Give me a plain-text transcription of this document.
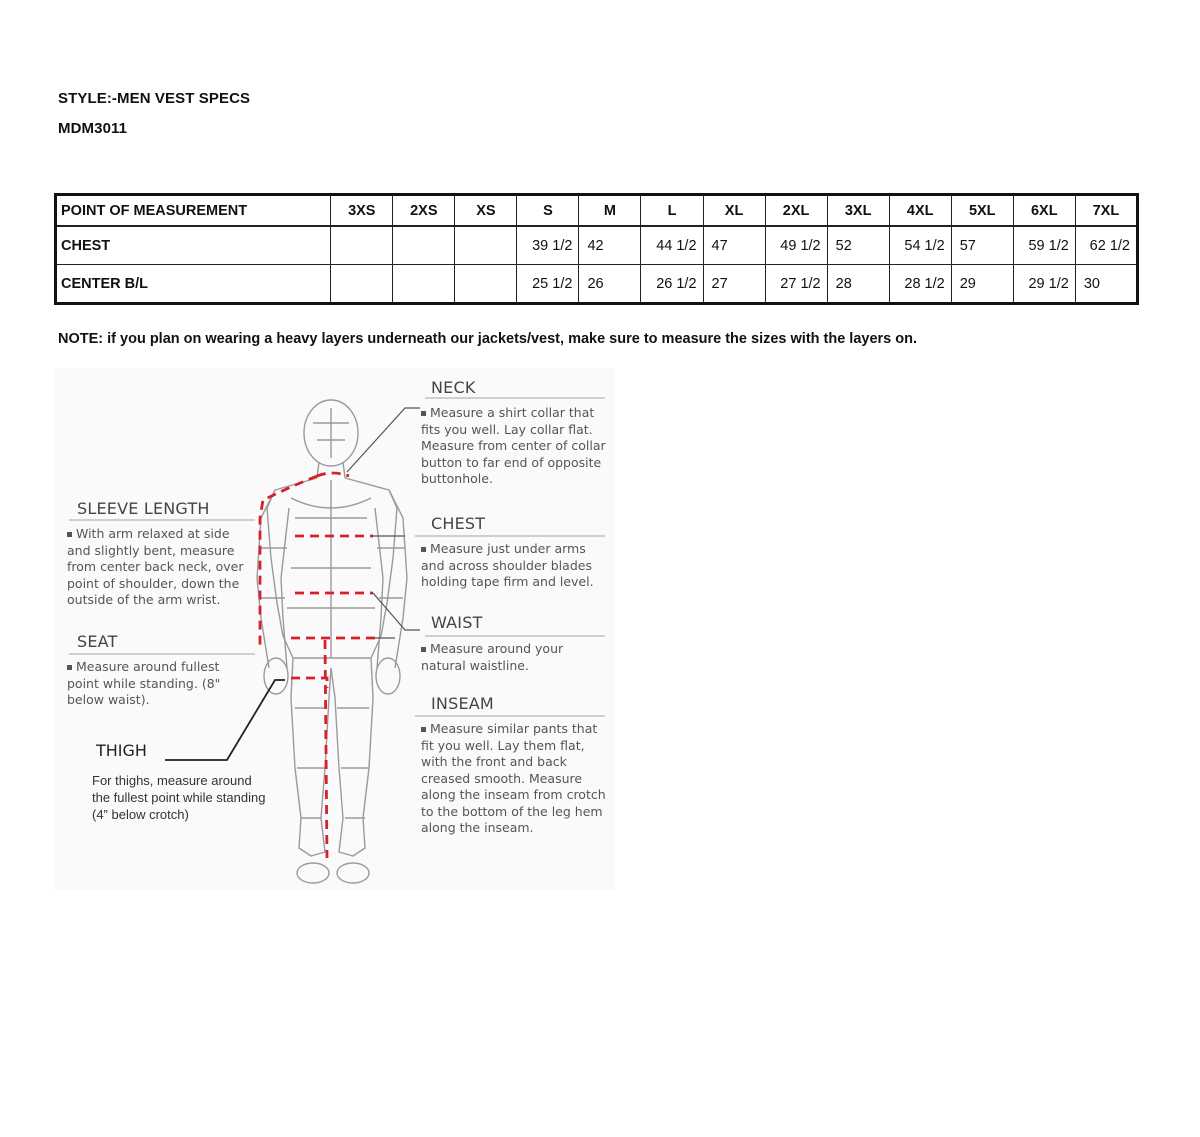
STYLE:-MEN VEST SPECS
MDM3011
POINT OF MEASUREMENT	3XS	2XS	XS	S	M	L	XL	2XL	3XL	4XL	5XL	6XL	7XL
CHEST				39 1/2	42	44 1/2	47	49 1/2	52	54 1/2	57	59 1/2	62 1/2
CENTER B/L				25 1/2	26	26 1/2	27	27 1/2	28	28 1/2	29	29 1/2	30
NOTE: if you plan on wearing a heavy layers underneath our jackets/vest, make sure to measure the sizes with the layers on.
NECK
Measure a shirt collar that fits you well. Lay collar flat. Measure from center of collar button to far end of opposite buttonhole.
CHEST
Measure just under arms and across shoulder blades holding tape firm and level.
WAIST
Measure around your natural waistline.
INSEAM
Measure similar pants that fit you well. Lay them flat, with the front and back creased smooth. Measure along the inseam from crotch to the bottom of the leg hem along the inseam.
SLEEVE LENGTH
With arm relaxed at side and slightly bent, measure from center back neck, over point of shoulder, down the outside of the arm wrist.
SEAT
Measure around fullest point while standing. (8" below waist).
THIGH
For thighs, measure around the fullest point while standing (4” below crotch)
